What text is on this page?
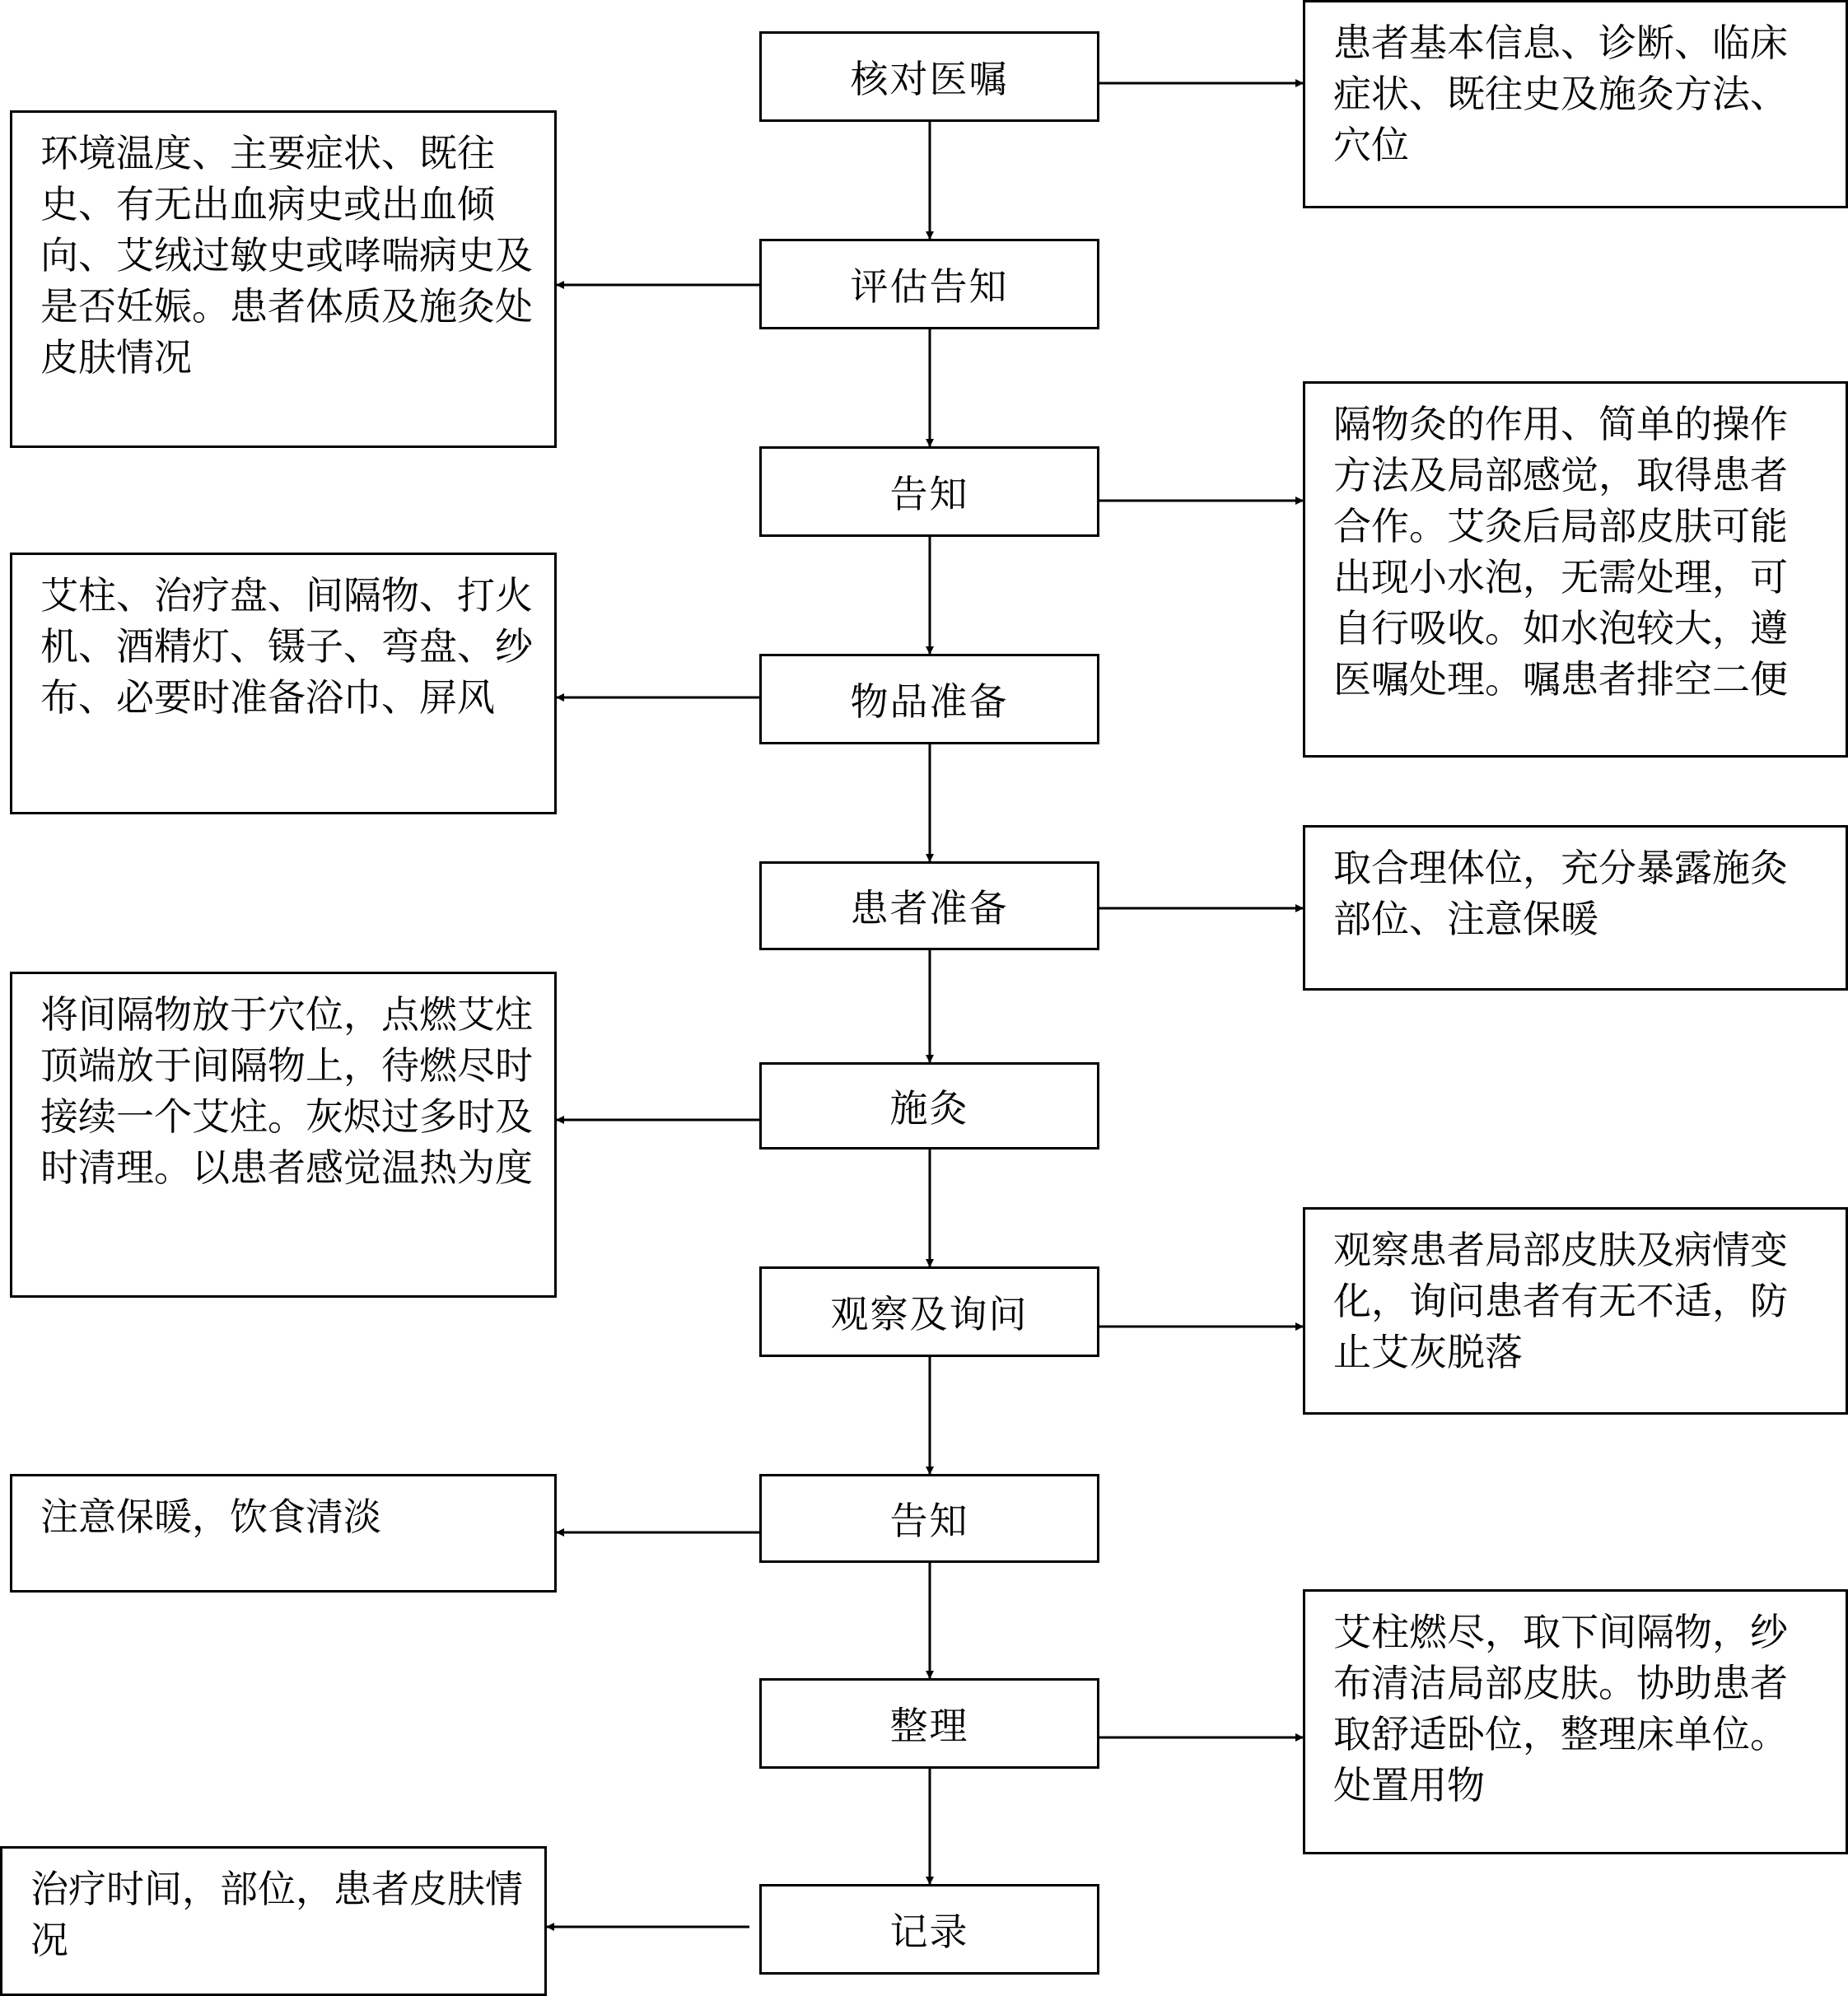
核对医嘱
评估告知
告知
物品准备
患者准备
施灸
观察及询问
告知
整理
记录
患者基本信息、诊断、临床症状、既往史及施灸方法、穴位
隔物灸的作用、简单的操作方法及局部感觉，取得患者合作。艾灸后局部皮肤可能出现小水泡，无需处理，可自行吸收。如水泡较大，遵医嘱处理。嘱患者排空二便
取合理体位，充分暴露施灸部位、注意保暖
观察患者局部皮肤及病情变化，询问患者有无不适，防止艾灰脱落
艾柱燃尽，取下间隔物，纱布清洁局部皮肤。协助患者取舒适卧位，整理床单位。处置用物
环境温度、主要症状、既往史、有无出血病史或出血倾向、艾绒过敏史或哮喘病史及是否妊娠。患者体质及施灸处皮肤情况
艾柱、治疗盘、间隔物、打火机、酒精灯、镊子、弯盘、纱布、必要时准备浴巾、屏风
将间隔物放于穴位，点燃艾炷顶端放于间隔物上，待燃尽时接续一个艾炷。灰烬过多时及时清理。以患者感觉温热为度
注意保暖，饮食清淡
治疗时间，部位，患者皮肤情况
